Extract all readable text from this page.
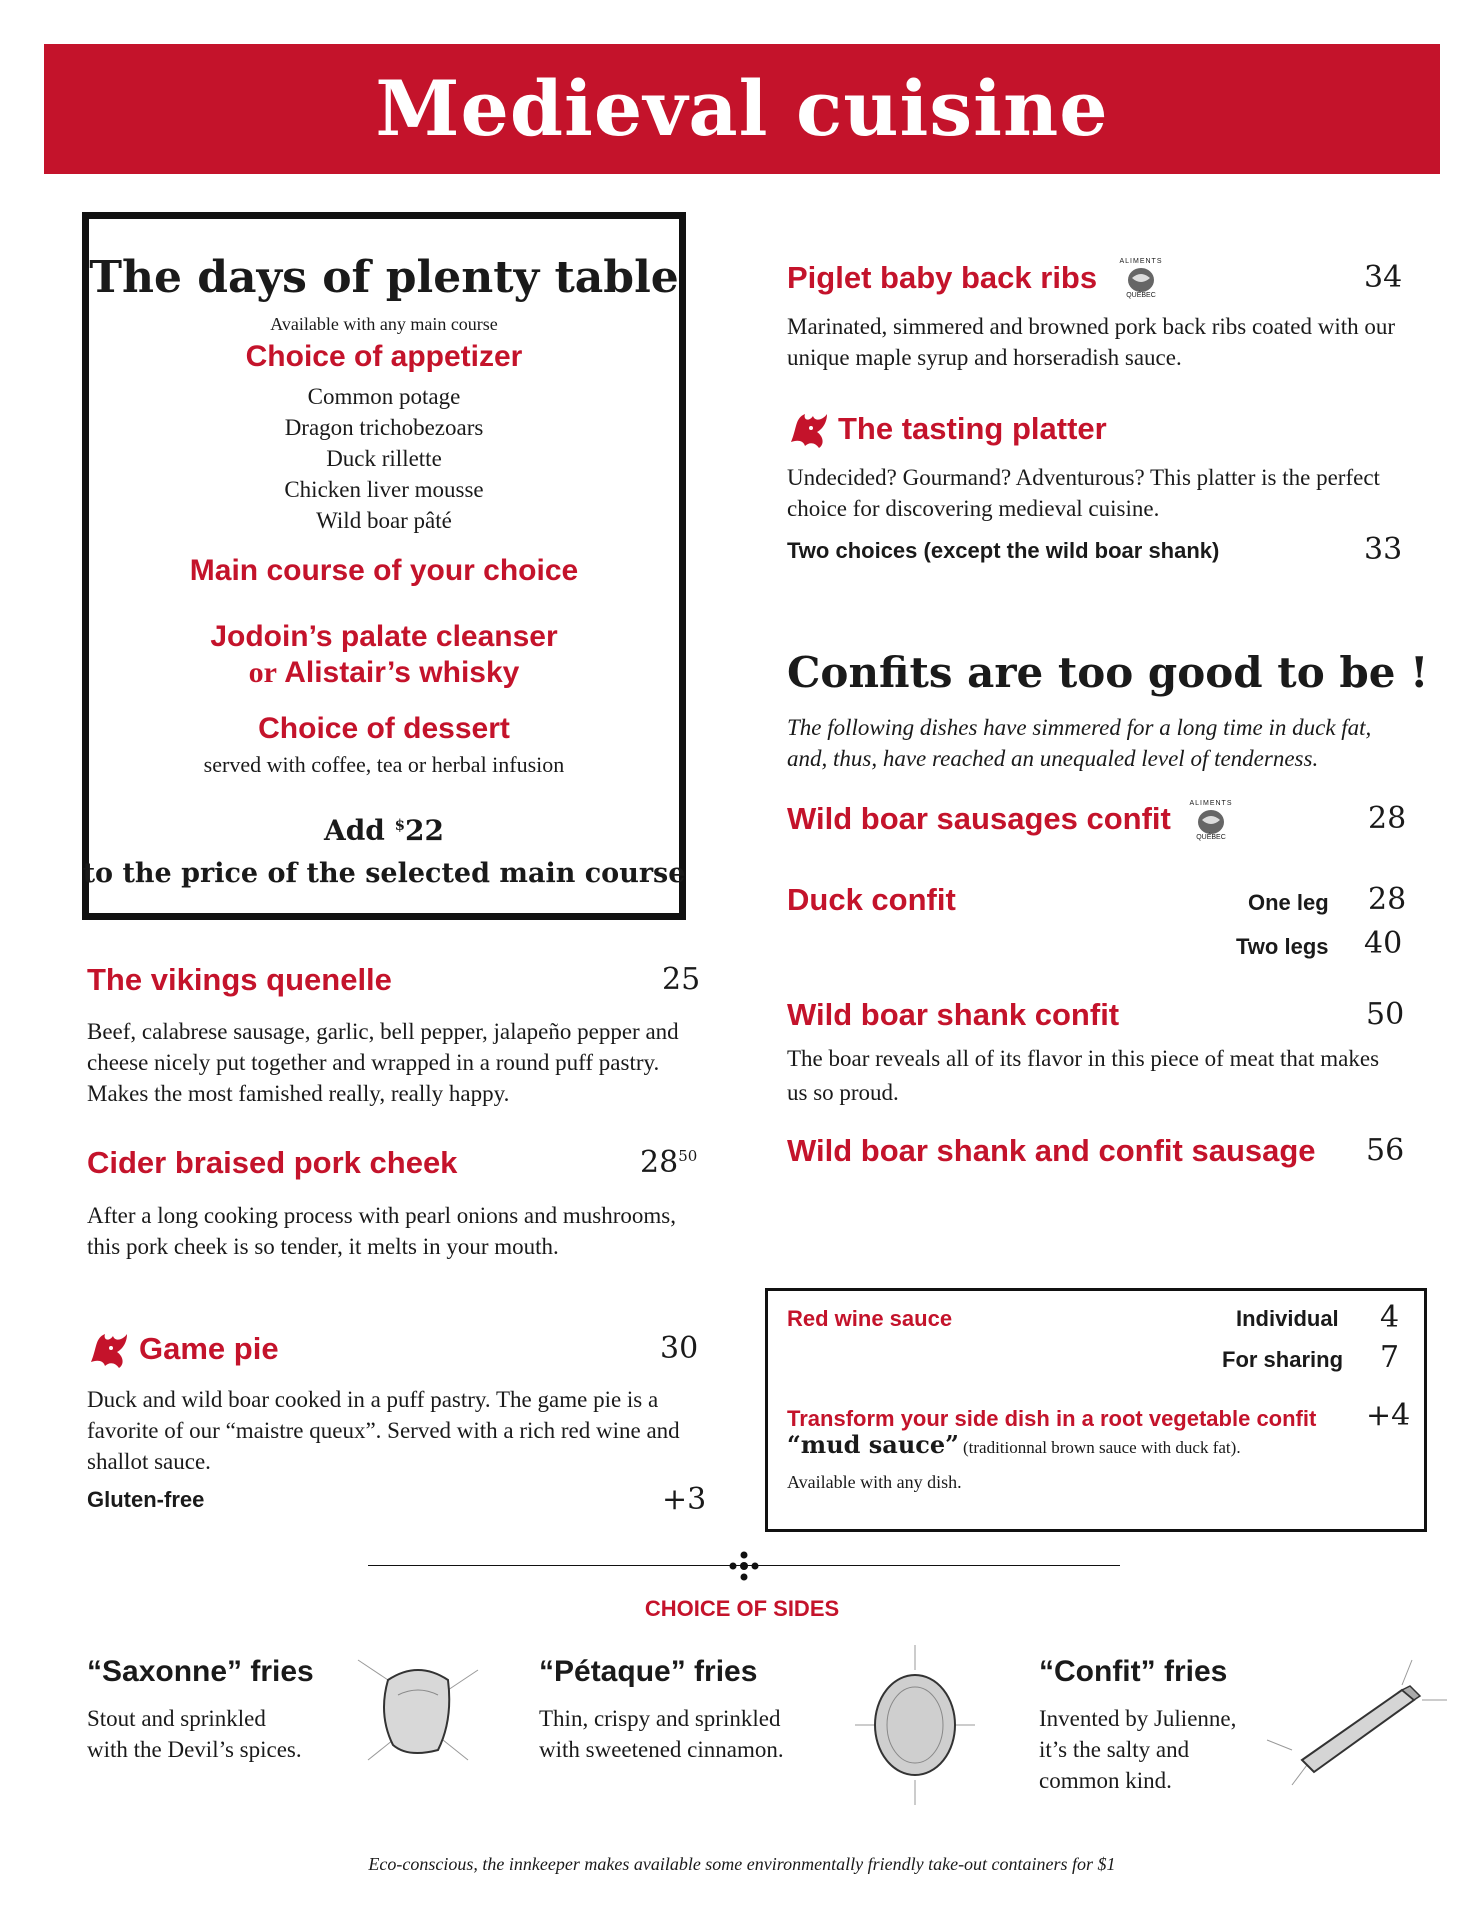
Medieval cuisine
The days of plenty table
Available with any main course
Choice of appetizer
Common potage
Dragon trichobezoars
Duck rillette
Chicken liver mousse
Wild boar pâté
Main course of your choice
Jodoin’s palate cleanser
or Alistair’s whisky
Choice of dessert
served with coffee, tea or herbal infusion
Add $22
to the price of the selected main course
The vikings quenelle	25
Beef, calabrese sausage, garlic, bell pepper, jalapeño pepper and cheese nicely put together and wrapped in a round puff pastry. Makes the most famished really, really happy.
Cider braised pork cheek	$28^{50}$
After a long cooking process with pearl onions and mushrooms, this pork cheek is so tender, it melts in your mouth.
Game pie	30
Duck and wild boar cooked in a puff pastry. The game pie is a favorite of our “maistre queux”. Served with a rich red wine and shallot sauce.
Gluten-free	+3
Piglet baby back ribs	ALIMENTS
QUÉBEC
34
Marinated, simmered and browned pork back ribs coated with our unique maple syrup and horseradish sauce.
The tasting platter
Undecided? Gourmand? Adventurous? This platter is the perfect choice for discovering medieval cuisine.
Two choices (except the wild boar shank)	33
Confits are too good to be !
The following dishes have simmered for a long time in duck fat, and, thus, have reached an unequaled level of tenderness.
Wild boar sausages confit	ALIMENTS
QUÉBEC
28
Duck confit	One leg 28
Two legs 40
Wild boar shank confit	50
The boar reveals all of its flavor in this piece of meat that makes us so proud.
Wild boar shank and confit sausage 56
Red wine sauce	Individual 4
For sharing 7
Transform your side dish in a root vegetable confit +4
“mud sauce” (traditionnal brown sauce with duck fat).
Available with any dish.
CHOICE OF SIDES
“Saxonne” fries
Stout and sprinkled
with the Devil’s spices.
“Pétaque” fries
Thin, crispy and sprinkled
with sweetened cinnamon.
“Confit” fries
Invented by Julienne,
it’s the salty and
common kind.
Eco-conscious, the innkeeper makes available some environmentally friendly take-out containers for $1
